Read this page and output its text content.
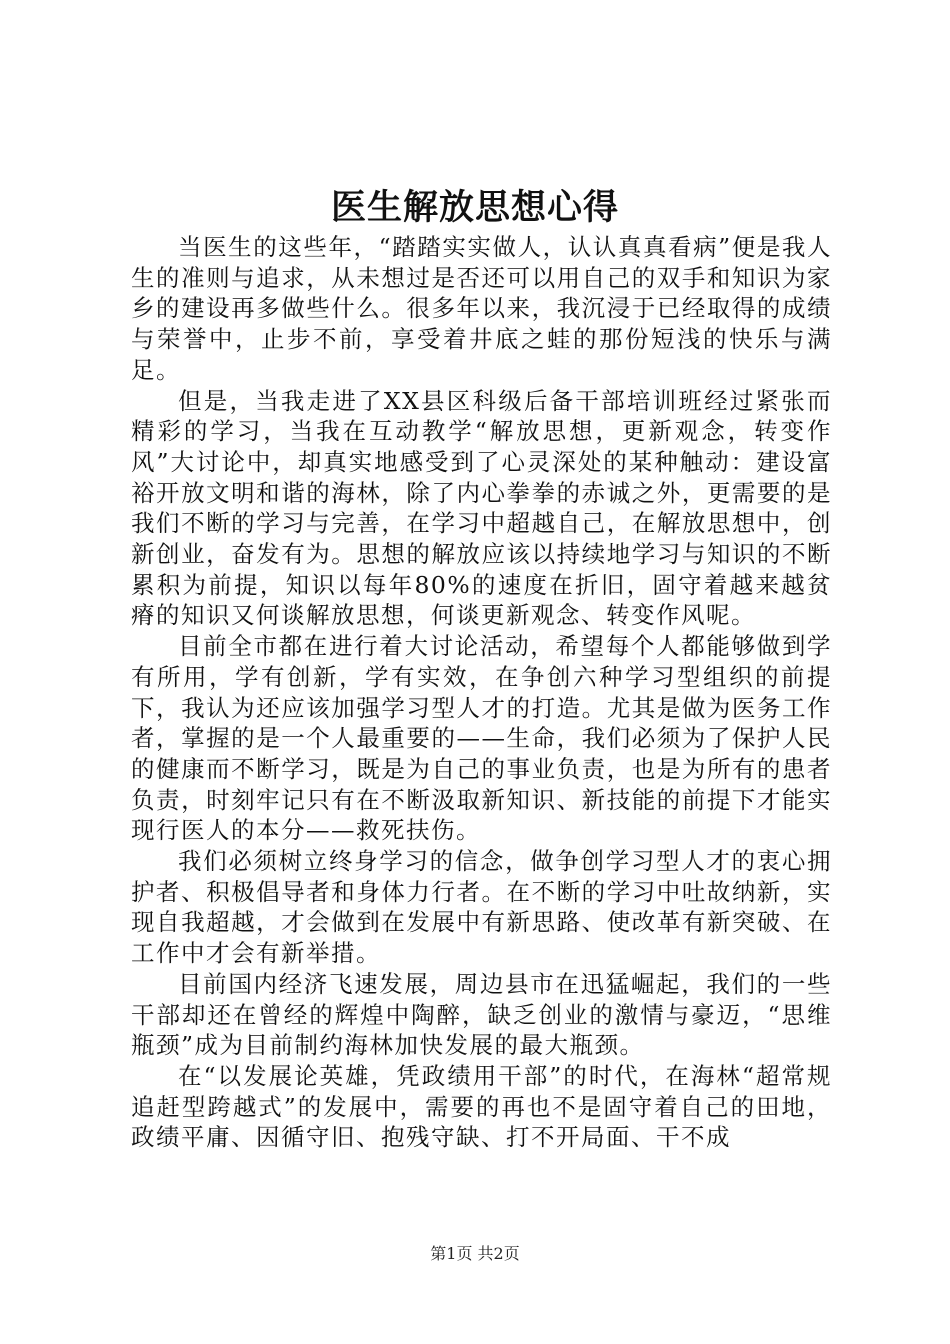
医生解放思想心得

当医生的这些年，“踏踏实实做人，认认真真看病”便是我人生的准则与追求，从未想过是否还可以用自己的双手和知识为家乡的建设再多做些什么。很多年以来，我沉浸于已经取得的成绩与荣誉中，止步不前，享受着井底之蛙的那份短浅的快乐与满足。

但是，当我走进了XX县区科级后备干部培训班经过紧张而精彩的学习，当我在互动教学“解放思想，更新观念，转变作风”大讨论中，却真实地感受到了心灵深处的某种触动：建设富裕开放文明和谐的海林，除了内心拳拳的赤诚之外，更需要的是我们不断的学习与完善，在学习中超越自己，在解放思想中，创新创业，奋发有为。思想的解放应该以持续地学习与知识的不断累积为前提，知识以每年80%的速度在折旧，固守着越来越贫瘠的知识又何谈解放思想，何谈更新观念、转变作风呢。

目前全市都在进行着大讨论活动，希望每个人都能够做到学有所用，学有创新，学有实效，在争创六种学习型组织的前提下，我认为还应该加强学习型人才的打造。尤其是做为医务工作者，掌握的是一个人最重要的——生命，我们必须为了保护人民的健康而不断学习，既是为自己的事业负责，也是为所有的患者负责，时刻牢记只有在不断汲取新知识、新技能的前提下才能实现行医人的本分——救死扶伤。

我们必须树立终身学习的信念，做争创学习型人才的衷心拥护者、积极倡导者和身体力行者。在不断的学习中吐故纳新，实现自我超越，才会做到在发展中有新思路、使改革有新突破、在工作中才会有新举措。

目前国内经济飞速发展，周边县市在迅猛崛起，我们的一些干部却还在曾经的辉煌中陶醉，缺乏创业的激情与豪迈，“思维瓶颈”成为目前制约海林加快发展的最大瓶颈。

在“以发展论英雄，凭政绩用干部”的时代，在海林“超常规追赶型跨越式”的发展中，需要的再也不是固守着自己的田地，政绩平庸、因循守旧、抱残守缺、打不开局面、干不成

第1页 共2页
